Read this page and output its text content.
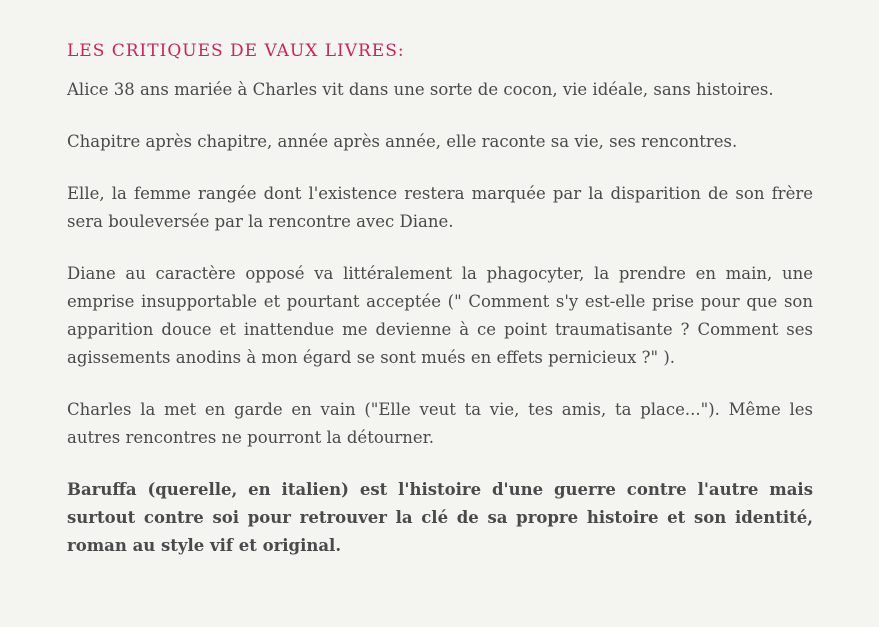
LES CRITIQUES DE VAUX LIVRES:

Alice 38 ans mariée à Charles vit dans une sorte de cocon, vie idéale, sans histoires.

Chapitre après chapitre, année après année, elle raconte sa vie, ses rencontres.

Elle, la femme rangée dont l'existence restera marquée par la disparition de son frère sera bouleversée par la rencontre avec Diane.

Diane au caractère opposé va littéralement la phagocyter, la prendre en main, une emprise insupportable et pourtant acceptée (" Comment s'y est-elle prise pour que son apparition douce et inattendue me devienne à ce point traumatisante ? Comment ses agissements anodins à mon égard se sont mués en effets pernicieux ?" ).

Charles la met en garde en vain ("Elle veut ta vie, tes amis, ta place..."). Même les autres rencontres ne pourront la détourner.

Baruffa (querelle, en italien) est l'histoire d'une guerre contre l'autre mais surtout contre soi pour retrouver la clé de sa propre histoire et son identité, roman au style vif et original.
